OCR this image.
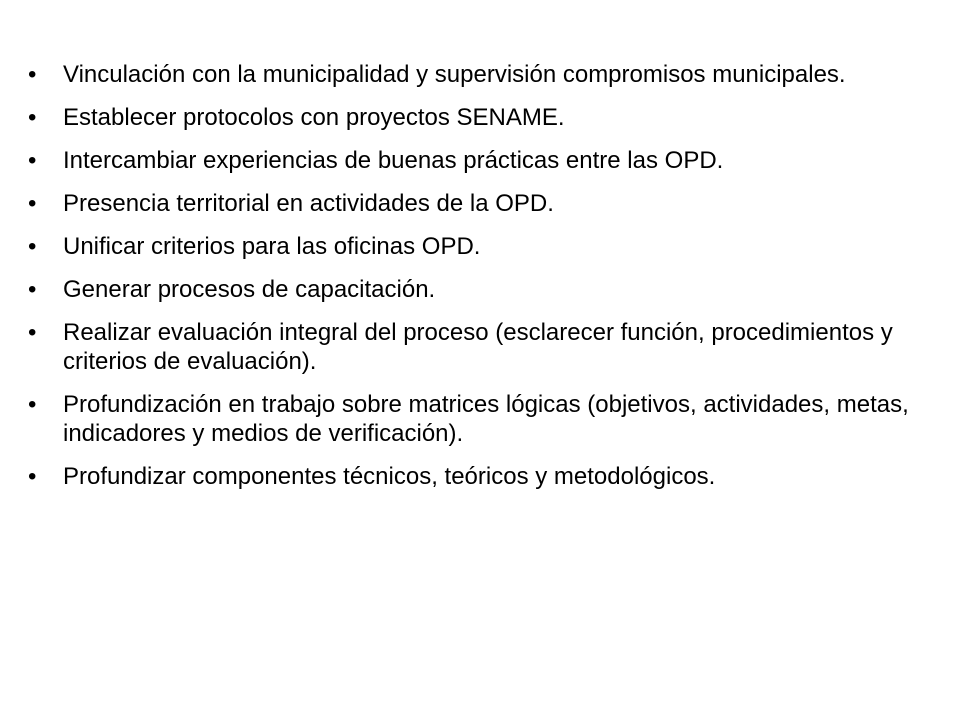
•	Vinculación con la municipalidad y supervisión compromisos municipales.
•	Establecer protocolos con proyectos SENAME.
•	Intercambiar experiencias de buenas prácticas entre las OPD.
•	Presencia territorial en actividades de la OPD.
•	Unificar criterios para las oficinas OPD.
•	Generar procesos de capacitación.
•	Realizar evaluación integral del proceso (esclarecer función, procedimientos y criterios de evaluación).
•	Profundización en trabajo sobre matrices lógicas (objetivos, actividades, metas, indicadores y medios de verificación).
•	Profundizar componentes técnicos, teóricos y metodológicos.
